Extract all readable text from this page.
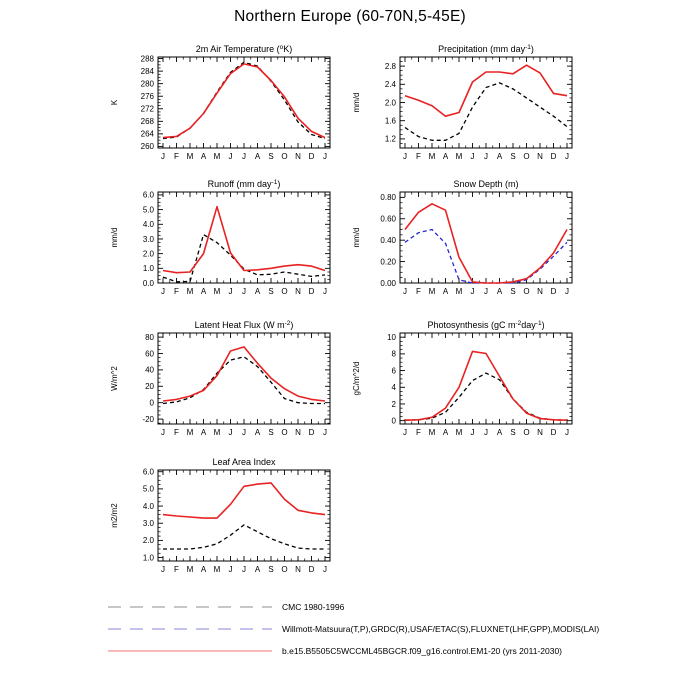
Northern Europe (60-70N,5-45E)
260
264
268
272
276
280
284
288
J F M A M J J A S O N D J
2m Air Temperature ($^o$K)
K
1.2
1.6
2.0
2.4
2.8
J F M A M J J A S O N D J
Precipitation (mm day$^{-1}$)
mm/d
0.0
1.0
2.0
3.0
4.0
5.0
6.0
J F M A M J J A S O N D J
Runoff (mm day$^{-1}$)
mm/d
0.00
0.20
0.40
0.60
0.80
J F M A M J J A S O N D J
Snow Depth (m)
mm/d
-20
0
20
40
60
80
J F M A M J J A S O N D J
Latent Heat Flux (W $m^{-2}$)
W/m^2
0
2
4
6
8
10
J F M A M J J A S O N D J
Photosynthesis (gC $m^{-2}day^{-1}$)
gC/m^2/d
1.0
2.0
3.0
4.0
5.0
6.0
J F M A M J J A S O N D J
Leaf Area Index
m2/m2
CMC 1980-1996
Willmott-Matsuura(T,P),GRDC(R),USAF/ETAC(S),FLUXNET(LHF,GPP),MODIS(LAI)
b.e15.B5505C5WCCML45BGCR.f09_g16.control.EM1-20 (yrs 2011-2030)
